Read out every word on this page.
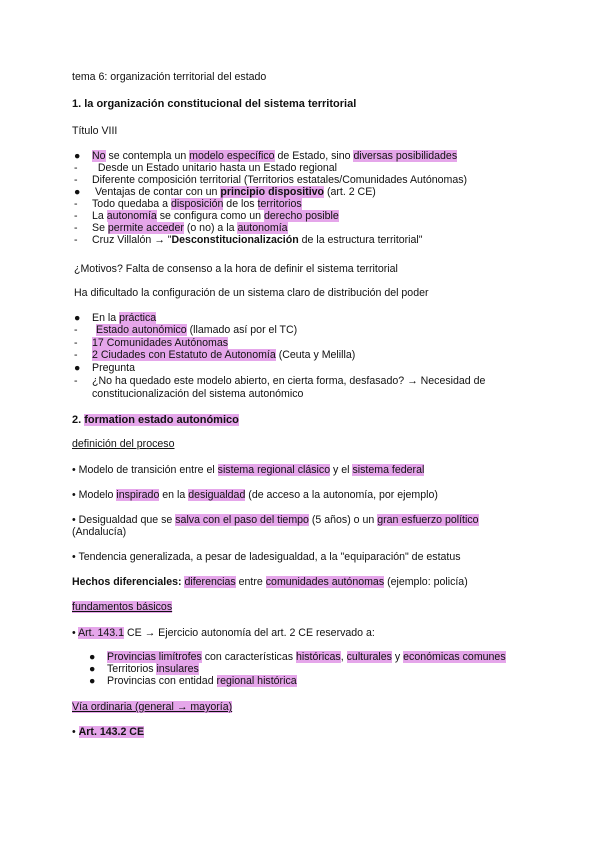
tema 6: organización territorial del estado
1. la organización constitucional del sistema territorial
Título VIII
● No se contempla un modelo específico de Estado, sino diversas posibilidades
- Desde un Estado unitario hasta un Estado regional
- Diferente composición territorial (Territorios estatales/Comunidades Autónomas)
● Ventajas de contar con un principio dispositivo (art. 2 CE)
- Todo quedaba a disposición de los territorios
- La autonomía se configura como un derecho posible
- Se permite acceder (o no) a la autonomía
- Cruz Villalón → "Desconstitucionalización de la estructura territorial"
¿Motivos? Falta de consenso a la hora de definir el sistema territorial
Ha dificultado la configuración de un sistema claro de distribución del poder
● En la práctica
- Estado autonómico (llamado así por el TC)
- 17 Comunidades Autónomas
- 2 Ciudades con Estatuto de Autonomía (Ceuta y Melilla)
● Pregunta
- ¿No ha quedado este modelo abierto, en cierta forma, desfasado? → Necesidad de
constitucionalización del sistema autonómico
2. formation estado autonómico
definición del proceso
• Modelo de transición entre el sistema regional clásico y el sistema federal
• Modelo inspirado en la desigualdad (de acceso a la autonomía, por ejemplo)
• Desigualdad que se salva con el paso del tiempo (5 años) o un gran esfuerzo político
(Andalucía)
• Tendencia generalizada, a pesar de ladesigualdad, a la "equiparación" de estatus
Hechos diferenciales: diferencias entre comunidades autónomas (ejemplo: policía)
fundamentos básicos
• Art. 143.1 CE → Ejercicio autonomía del art. 2 CE reservado a:
● Provincias limítrofes con características históricas, culturales y económicas comunes
● Territorios insulares
● Provincias con entidad regional histórica
Vía ordinaria (general → mayoría)
• Art. 143.2 CE
